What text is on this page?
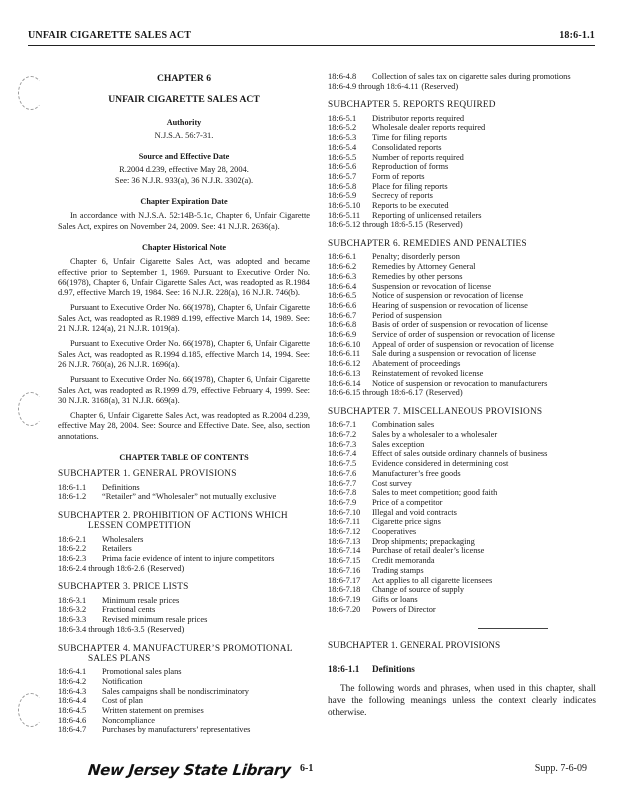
UNFAIR CIGARETTE SALES ACT	18:6-1.1
CHAPTER 6
UNFAIR CIGARETTE SALES ACT
Authority
N.J.S.A. 56:7-31.
Source and Effective Date
R.2004 d.239, effective May 28, 2004.
See: 36 N.J.R. 933(a), 36 N.J.R. 3302(a).
Chapter Expiration Date
In accordance with N.J.S.A. 52:14B-5.1c, Chapter 6, Unfair Cigarette Sales Act, expires on November 24, 2009. See: 41 N.J.R. 2636(a).
Chapter Historical Note
Chapter 6, Unfair Cigarette Sales Act, was adopted and became effective prior to September 1, 1969. Pursuant to Executive Order No. 66(1978), Chapter 6, Unfair Cigarette Sales Act, was readopted as R.1984 d.97, effective March 19, 1984. See: 16 N.J.R. 228(a), 16 N.J.R. 746(b).
Pursuant to Executive Order No. 66(1978), Chapter 6, Unfair Cigarette Sales Act, was readopted as R.1989 d.199, effective March 14, 1989. See: 21 N.J.R. 124(a), 21 N.J.R. 1019(a).
Pursuant to Executive Order No. 66(1978), Chapter 6, Unfair Cigarette Sales Act, was readopted as R.1994 d.185, effective March 14, 1994. See: 26 N.J.R. 760(a), 26 N.J.R. 1696(a).
Pursuant to Executive Order No. 66(1978), Chapter 6, Unfair Cigarette Sales Act, was readopted as R.1999 d.79, effective February 4, 1999. See: 30 N.J.R. 3168(a), 31 N.J.R. 669(a).
Chapter 6, Unfair Cigarette Sales Act, was readopted as R.2004 d.239, effective May 28, 2004. See: Source and Effective Date. See, also, section annotations.
CHAPTER TABLE OF CONTENTS
SUBCHAPTER 1. GENERAL PROVISIONS
18:6-1.1	Definitions
18:6-1.2	“Retailer” and “Wholesaler” not mutually exclusive
SUBCHAPTER 2. PROHIBITION OF ACTIONS WHICH
LESSEN COMPETITION
18:6-2.1	Wholesalers
18:6-2.2	Retailers
18:6-2.3	Prima facie evidence of intent to injure competitors
18:6-2.4 through 18:6-2.6 (Reserved)
SUBCHAPTER 3. PRICE LISTS
18:6-3.1	Minimum resale prices
18:6-3.2	Fractional cents
18:6-3.3	Revised minimum resale prices
18:6-3.4 through 18:6-3.5 (Reserved)
SUBCHAPTER 4. MANUFACTURER’S PROMOTIONAL
SALES PLANS
18:6-4.1	Promotional sales plans
18:6-4.2	Notification
18:6-4.3	Sales campaigns shall be nondiscriminatory
18:6-4.4	Cost of plan
18:6-4.5	Written statement on premises
18:6-4.6	Noncompliance
18:6-4.7	Purchases by manufacturers’ representatives
18:6-4.8	Collection of sales tax on cigarette sales during promotions
18:6-4.9 through 18:6-4.11 (Reserved)
SUBCHAPTER 5. REPORTS REQUIRED
18:6-5.1	Distributor reports required
18:6-5.2	Wholesale dealer reports required
18:6-5.3	Time for filing reports
18:6-5.4	Consolidated reports
18:6-5.5	Number of reports required
18:6-5.6	Reproduction of forms
18:6-5.7	Form of reports
18:6-5.8	Place for filing reports
18:6-5.9	Secrecy of reports
18:6-5.10	Reports to be executed
18:6-5.11	Reporting of unlicensed retailers
18:6-5.12 through 18:6-5.15 (Reserved)
SUBCHAPTER 6. REMEDIES AND PENALTIES
18:6-6.1	Penalty; disorderly person
18:6-6.2	Remedies by Attorney General
18:6-6.3	Remedies by other persons
18:6-6.4	Suspension or revocation of license
18:6-6.5	Notice of suspension or revocation of license
18:6-6.6	Hearing of suspension or revocation of license
18:6-6.7	Period of suspension
18:6-6.8	Basis of order of suspension or revocation of license
18:6-6.9	Service of order of suspension or revocation of license
18:6-6.10	Appeal of order of suspension or revocation of license
18:6-6.11	Sale during a suspension or revocation of license
18:6-6.12	Abatement of proceedings
18:6-6.13	Reinstatement of revoked license
18:6-6.14	Notice of suspension or revocation to manufacturers
18:6-6.15 through 18:6-6.17 (Reserved)
SUBCHAPTER 7. MISCELLANEOUS PROVISIONS
18:6-7.1	Combination sales
18:6-7.2	Sales by a wholesaler to a wholesaler
18:6-7.3	Sales exception
18:6-7.4	Effect of sales outside ordinary channels of business
18:6-7.5	Evidence considered in determining cost
18:6-7.6	Manufacturer’s free goods
18:6-7.7	Cost survey
18:6-7.8	Sales to meet competition; good faith
18:6-7.9	Price of a competitor
18:6-7.10	Illegal and void contracts
18:6-7.11	Cigarette price signs
18:6-7.12	Cooperatives
18:6-7.13	Drop shipments; prepackaging
18:6-7.14	Purchase of retail dealer’s license
18:6-7.15	Credit memoranda
18:6-7.16	Trading stamps
18:6-7.17	Act applies to all cigarette licensees
18:6-7.18	Change of source of supply
18:6-7.19	Gifts or loans
18:6-7.20	Powers of Director
SUBCHAPTER 1. GENERAL PROVISIONS
18:6-1.1	Definitions
The following words and phrases, when used in this chapter, shall have the following meanings unless the context clearly indicates otherwise.
New Jersey State Library 6-1	Supp. 7-6-09
